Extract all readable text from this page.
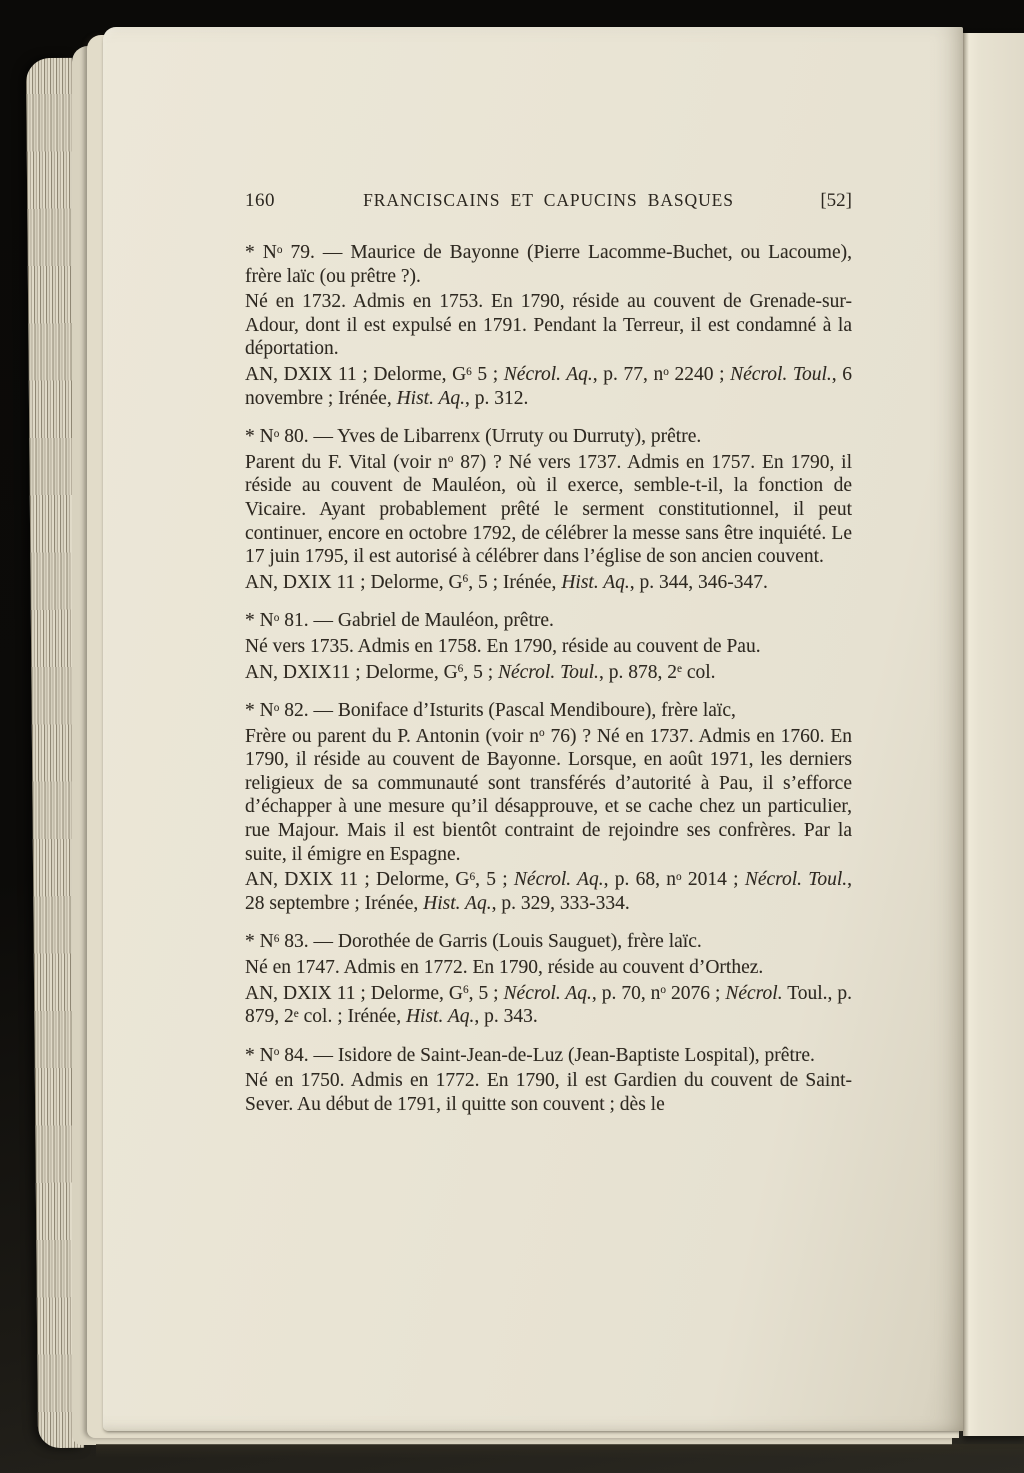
160	FRANCISCAINS ET CAPUCINS BASQUES	[52]

* $N^o$ 79. — Maurice de Bayonne (Pierre Lacomme-Buchet, ou Lacoume), frère laïc (ou prêtre ?).

Né en 1732. Admis en 1753. En 1790, réside au couvent de Grenade-sur-Adour, dont il est expulsé en 1791. Pendant la Terreur, il est condamné à la déportation.

AN, DXIX 11 ; Delorme, $G^6$ 5 ; Nécrol. Aq., p. 77, $n^o$ 2240 ; Nécrol. Toul., 6 novembre ; Irénée, Hist. Aq., p. 312.

* $N^o$ 80. — Yves de Libarrenx (Urruty ou Durruty), prêtre.

Parent du F. Vital (voir $n^o$ 87) ? Né vers 1737. Admis en 1757. En 1790, il réside au couvent de Mauléon, où il exerce, semble-t-il, la fonction de Vicaire. Ayant probablement prêté le serment constitutionnel, il peut continuer, encore en octobre 1792, de célébrer la messe sans être inquiété. Le 17 juin 1795, il est autorisé à célébrer dans l’église de son ancien couvent.

AN, DXIX 11 ; Delorme, $G^6$, 5 ; Irénée, Hist. Aq., p. 344, 346-347.

* $N^o$ 81. — Gabriel de Mauléon, prêtre.

Né vers 1735. Admis en 1758. En 1790, réside au couvent de Pau.

AN, DXIX11 ; Delorme, $G^6$, 5 ; Nécrol. Toul., p. 878, 2e col.

* $N^o$ 82. — Boniface d’Isturits (Pascal Mendiboure), frère laïc,

Frère ou parent du P. Antonin (voir $n^o$ 76) ? Né en 1737. Admis en 1760. En 1790, il réside au couvent de Bayonne. Lorsque, en août 1971, les derniers religieux de sa communauté sont transférés d’autorité à Pau, il s’efforce d’échapper à une mesure qu’il désapprouve, et se cache chez un particulier, rue Majour. Mais il est bientôt contraint de rejoindre ses confrères. Par la suite, il émigre en Espagne.

AN, DXIX 11 ; Delorme, $G^6$, 5 ; Nécrol. Aq., p. 68, $n^o$ 2014 ; Nécrol. Toul., 28 septembre ; Irénée, Hist. Aq., p. 329, 333-334.

* $N^6$ 83. — Dorothée de Garris (Louis Sauguet), frère laïc.

Né en 1747. Admis en 1772. En 1790, réside au couvent d’Orthez.

AN, DXIX 11 ; Delorme, $G^6$, 5 ; Nécrol. Aq., p. 70, $n^o$ 2076 ; Nécrol. Toul., p. 879, 2e col. ; Irénée, Hist. Aq., p. 343.

* $N^o$ 84. — Isidore de Saint-Jean-de-Luz (Jean-Baptiste Lospital), prêtre.

Né en 1750. Admis en 1772. En 1790, il est Gardien du couvent de Saint-Sever. Au début de 1791, il quitte son couvent ; dès le
